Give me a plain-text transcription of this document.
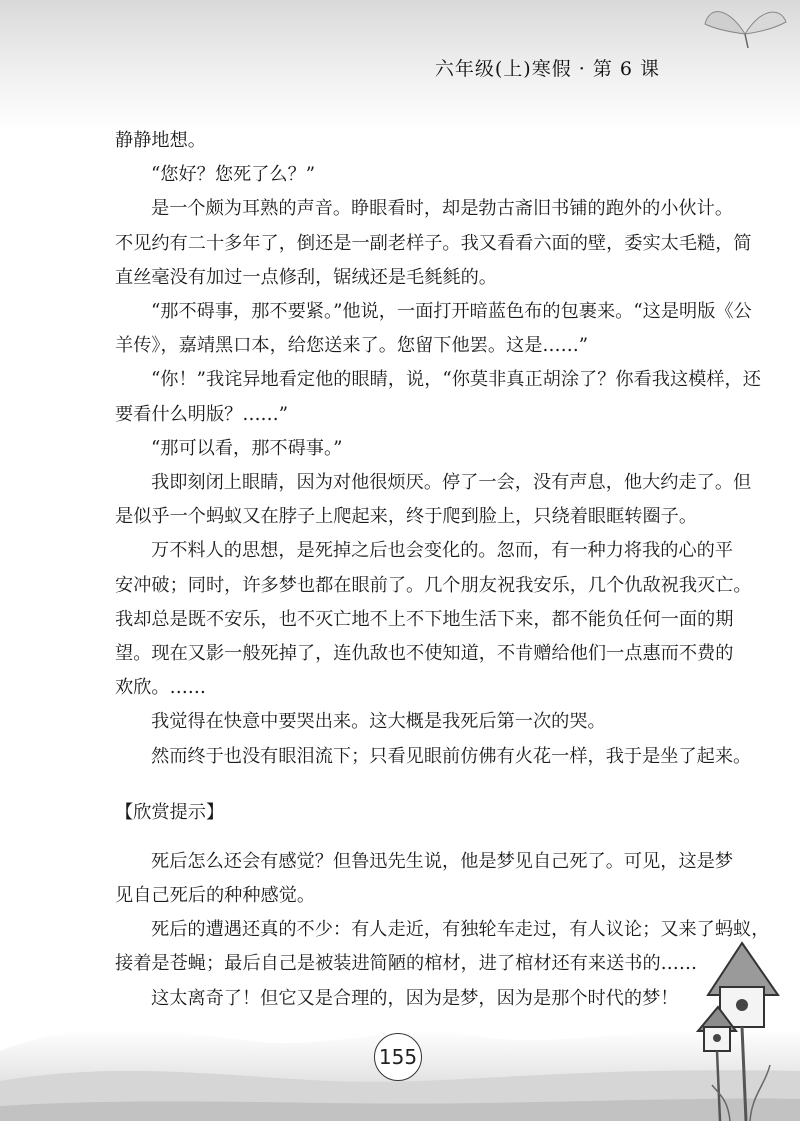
六年级(上)寒假 · 第 6 课

静静地想。

“您好？您死了么？”

是一个颇为耳熟的声音。睁眼看时，却是勃古斋旧书铺的跑外的小伙计。

不见约有二十多年了，倒还是一副老样子。我又看看六面的壁，委实太毛糙，简

直丝毫没有加过一点修刮，锯绒还是毛毵毵的。

“那不碍事，那不要紧。”他说，一面打开暗蓝色布的包裹来。“这是明版《公

羊传》，嘉靖黑口本，给您送来了。您留下他罢。这是……”

“你！”我诧异地看定他的眼睛，说，“你莫非真正胡涂了？你看我这模样，还

要看什么明版？……”

“那可以看，那不碍事。”

我即刻闭上眼睛，因为对他很烦厌。停了一会，没有声息，他大约走了。但

是似乎一个蚂蚁又在脖子上爬起来，终于爬到脸上，只绕着眼眶转圈子。

万不料人的思想，是死掉之后也会变化的。忽而，有一种力将我的心的平

安冲破；同时，许多梦也都在眼前了。几个朋友祝我安乐，几个仇敌祝我灭亡。

我却总是既不安乐，也不灭亡地不上不下地生活下来，都不能负任何一面的期

望。现在又影一般死掉了，连仇敌也不使知道，不肯赠给他们一点惠而不费的

欢欣。……

我觉得在快意中要哭出来。这大概是我死后第一次的哭。

然而终于也没有眼泪流下；只看见眼前仿佛有火花一样，我于是坐了起来。

【欣赏提示】

死后怎么还会有感觉？但鲁迅先生说，他是梦见自己死了。可见，这是梦

见自己死后的种种感觉。

死后的遭遇还真的不少：有人走近，有独轮车走过，有人议论；又来了蚂蚁，

接着是苍蝇；最后自己是被装进简陋的棺材，进了棺材还有来送书的……

这太离奇了！但它又是合理的，因为是梦，因为是那个时代的梦！

155
